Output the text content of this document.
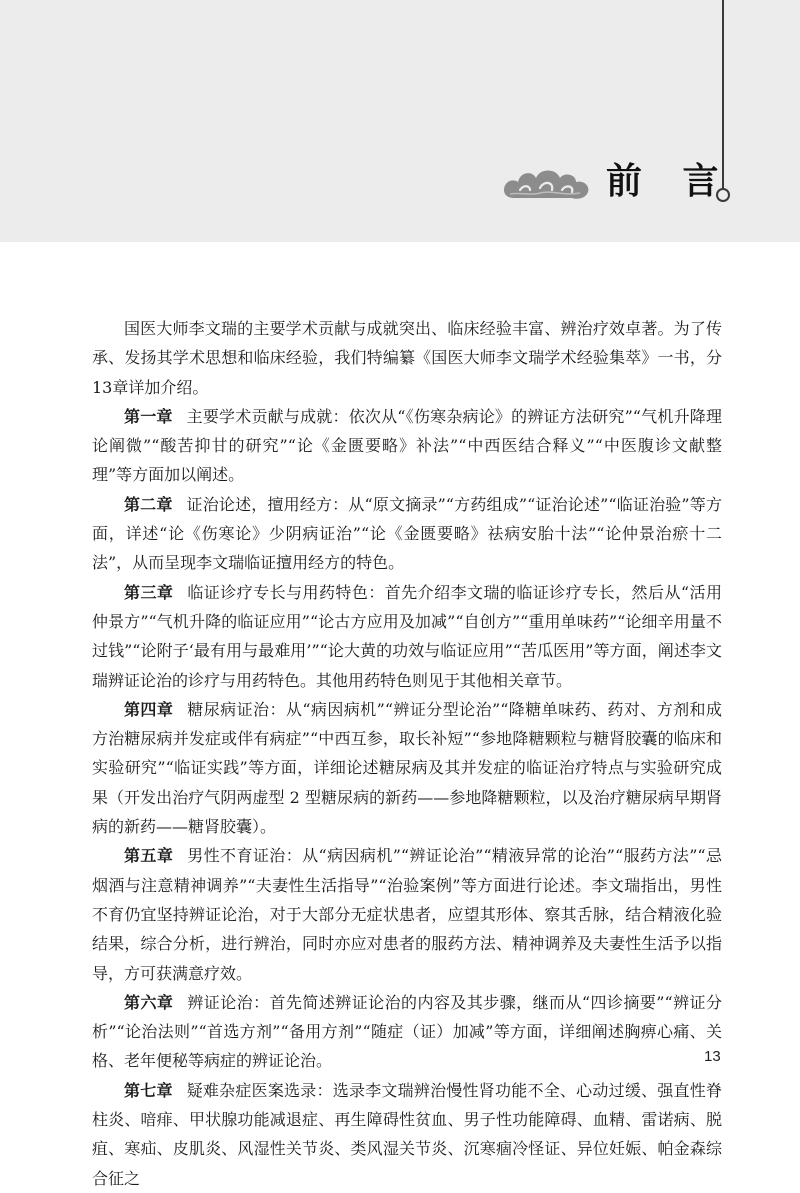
前 言

国医大师李文瑞的主要学术贡献与成就突出、临床经验丰富、辨治疗效卓著。为了传承、发扬其学术思想和临床经验，我们特编纂《国医大师李文瑞学术经验集萃》一书，分13章详加介绍。

第一章 主要学术贡献与成就：依次从“《伤寒杂病论》的辨证方法研究”“气机升降理论阐微”“酸苦抑甘的研究”“论《金匮要略》补法”“中西医结合释义”“中医腹诊文献整理”等方面加以阐述。

第二章 证治论述，擅用经方：从“原文摘录”“方药组成”“证治论述”“临证治验”等方面，详述“论《伤寒论》少阴病证治”“论《金匮要略》祛病安胎十法”“论仲景治瘀十二法”，从而呈现李文瑞临证擅用经方的特色。

第三章 临证诊疗专长与用药特色：首先介绍李文瑞的临证诊疗专长，然后从“活用仲景方”“气机升降的临证应用”“论古方应用及加减”“自创方”“重用单味药”“论细辛用量不过钱”“论附子‘最有用与最难用’”“论大黄的功效与临证应用”“苦瓜医用”等方面，阐述李文瑞辨证论治的诊疗与用药特色。其他用药特色则见于其他相关章节。

第四章 糖尿病证治：从“病因病机”“辨证分型论治”“降糖单味药、药对、方剂和成方治糖尿病并发症或伴有病症”“中西互参，取长补短”“参地降糖颗粒与糖肾胶囊的临床和实验研究”“临证实践”等方面，详细论述糖尿病及其并发症的临证治疗特点与实验研究成果（开发出治疗气阴两虚型 2 型糖尿病的新药——参地降糖颗粒，以及治疗糖尿病早期肾病的新药——糖肾胶囊）。

第五章 男性不育证治：从“病因病机”“辨证论治”“精液异常的论治”“服药方法”“忌烟酒与注意精神调养”“夫妻性生活指导”“治验案例”等方面进行论述。李文瑞指出，男性不育仍宜坚持辨证论治，对于大部分无症状患者，应望其形体、察其舌脉，结合精液化验结果，综合分析，进行辨治，同时亦应对患者的服药方法、精神调养及夫妻性生活予以指导，方可获满意疗效。

第六章 辨证论治：首先简述辨证论治的内容及其步骤，继而从“四诊摘要”“辨证分析”“论治法则”“首选方剂”“备用方剂”“随症（证）加减”等方面，详细阐述胸痹心痛、关格、老年便秘等病症的辨证论治。

第七章 疑难杂症医案选录：选录李文瑞辨治慢性肾功能不全、心动过缓、强直性脊柱炎、喑痱、甲状腺功能减退症、再生障碍性贫血、男子性功能障碍、血精、雷诺病、脱疽、寒疝、皮肌炎、风湿性关节炎、类风湿关节炎、沉寒痼冷怪证、异位妊娠、帕金森综合征之

13
